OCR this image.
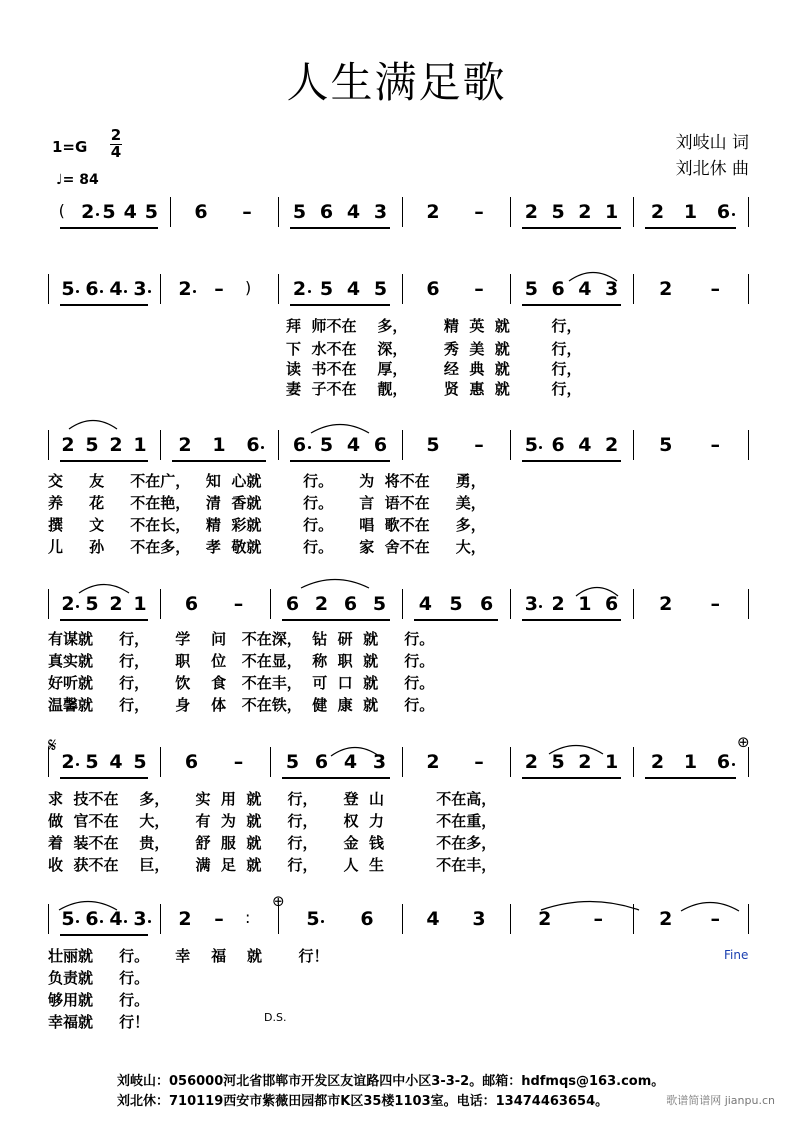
人生满足歌
1=G
2
4
♩= 84
刘岐山 词
刘北休 曲
( 2 5 4 5 6 – 5 6 4 3 2 – 2 5 2 1 2 1 6
5 6 4 3 2 – ) 2 5 4 5 6 – 5 6 4 3 2 –
拜  师不在    多，       精  英  就        行，
下  水不在    深，       秀  美  就        行，
读  书不在    厚，       经  典  就        行，
妻  子不在    靓，       贤  惠  就        行，
2 5 2 1 2 1 6 6 5 4 6 5 – 5 6 4 2 5 –
交     友     不在广，   知  心就        行。     为  将不在     勇，
养     花     不在艳，   清  香就        行。     言  语不在     美，
撰     文     不在长，   精  彩就        行。     唱  歌不在     多，
儿     孙     不在多，   孝  敬就        行。     家  舍不在     大，
2 5 2 1 6 – 6 2 6 5 4 5 6 3 2 1 6 2 –
有谋就     行，     学    问   不在深，  钻  研  就     行。
真实就     行，     职    位   不在显，  称  职  就     行。
好听就     行，     饮    食   不在丰，  可  口  就     行。
温馨就     行，     身    体   不在铁，  健  康  就     行。
2 5 4 5 6 – 5 6 4 3 2 – 2 5 2 1 2 1 6
求  技不在    多，     实  用  就     行，     登  山          不在高，
做  官不在    大，     有  为  就     行，     权  力          不在重，
着  装不在    贵，     舒  服  就     行，     金  钱          不在多，
收  获不在    巨，     满  足  就     行，     人  生          不在丰，
5 6 4 3 2 – :	5 6	4 3	2 –	2 –
壮丽就     行。     幸    福    就       行！
负责就     行。
够用就     行。
幸福就     行！
Fine
D.S.
𝄋	⊕
⊕
刘岐山：056000河北省邯郸市开发区友谊路四中小区3-3-2。邮箱：hdfmqs@163.com。
刘北休：710119西安市紫薇田园都市K区35楼1103室。电话：13474463654。	歌谱简谱网 jianpu.cn
